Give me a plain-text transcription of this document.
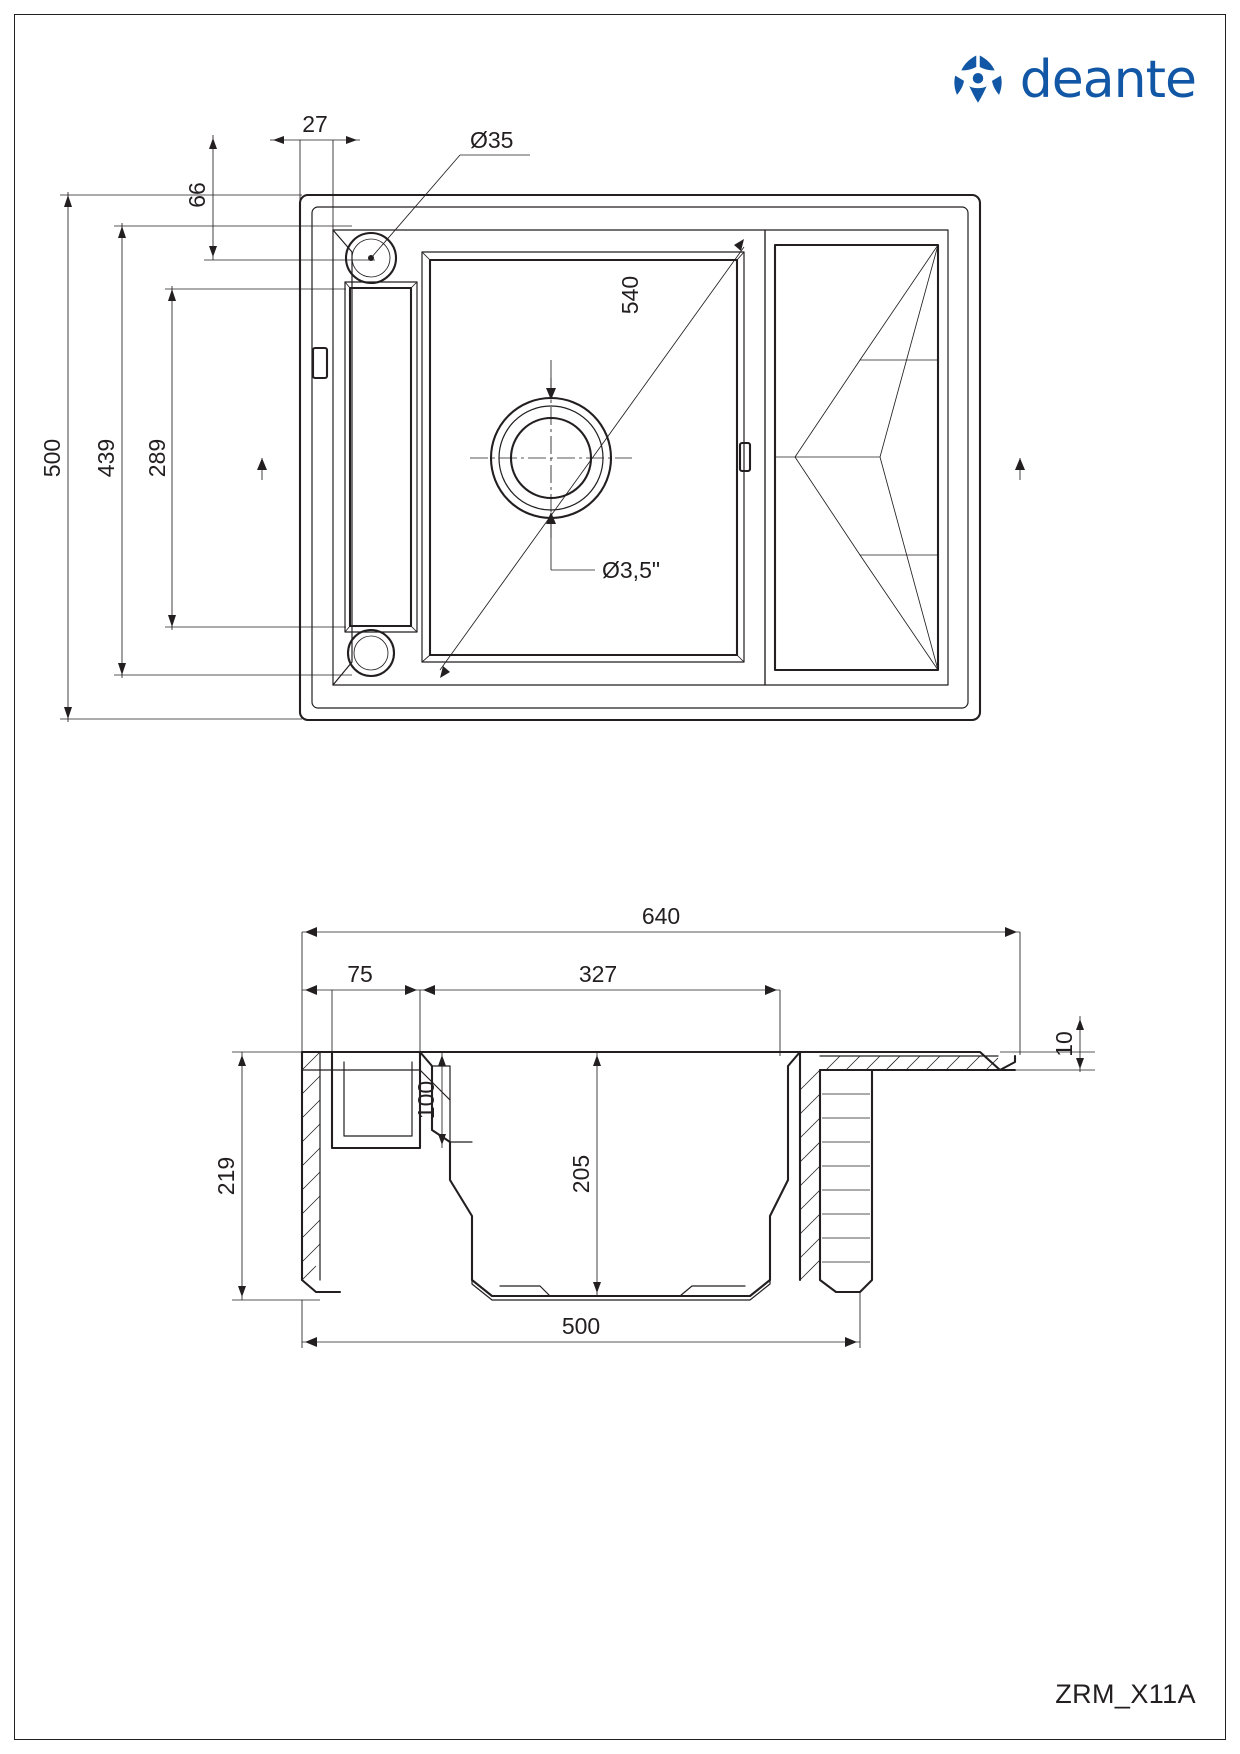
deante
66
27
Ø35
500 439 289
540
Ø3,5"
640
75	327
10
100
205
219
500
ZRM_X11A
